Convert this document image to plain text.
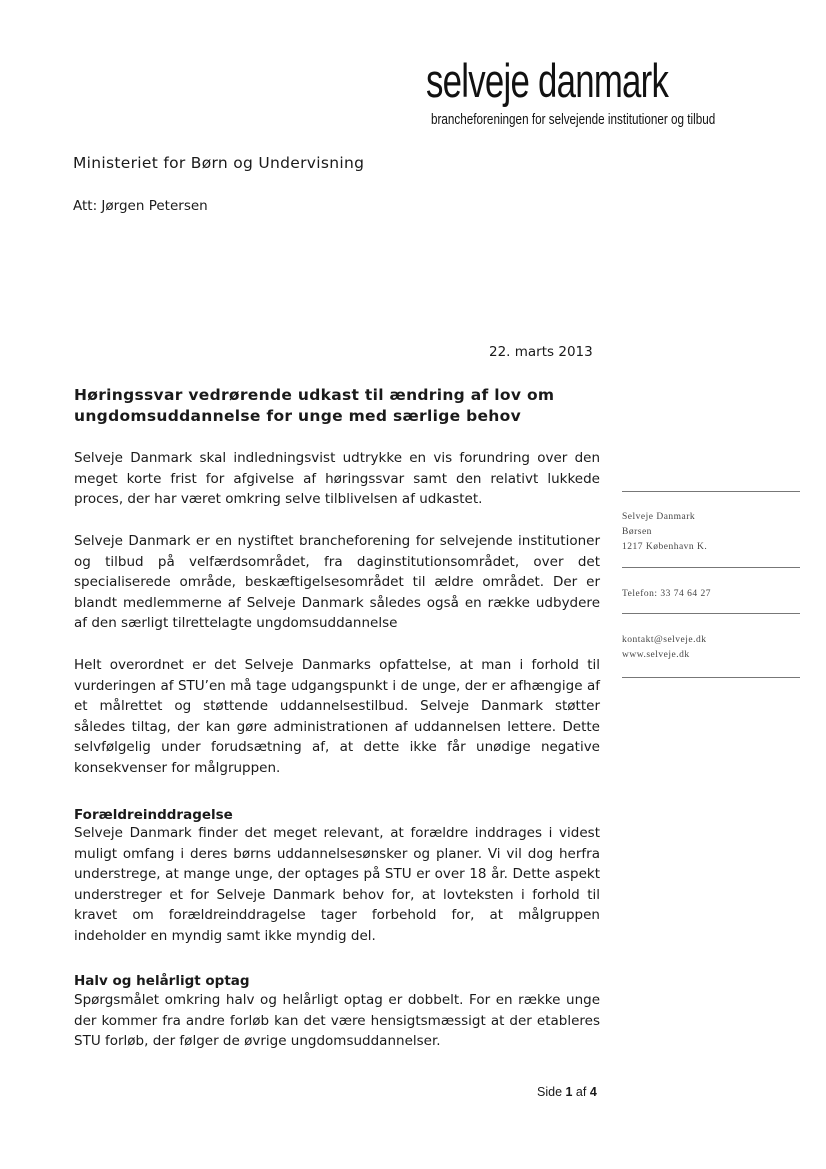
selveje danmark
brancheforeningen for selvejende institutioner og tilbud
Ministeriet for Børn og Undervisning
Att: Jørgen Petersen
22. marts 2013
Høringssvar vedrørende udkast til ændring af lov om ungdomsuddannelse for unge med særlige behov
Selveje Danmark skal indledningsvist udtrykke en vis forundring over den meget korte frist for afgivelse af høringssvar samt den relativt lukkede proces, der har været omkring selve tilblivelsen af udkastet.
Selveje Danmark er en nystiftet brancheforening for selvejende institutioner og tilbud på velfærdsområdet, fra daginstitutionsområdet, over det specialiserede område, beskæftigelsesområdet til ældre området. Der er blandt medlemmerne af Selveje Danmark således også en række udbydere af den særligt tilrettelagte ungdomsuddannelse
Helt overordnet er det Selveje Danmarks opfattelse, at man i forhold til vurderingen af STU’en må tage udgangspunkt i de unge, der er afhængige af et målrettet og støttende uddannelsestilbud. Selveje Danmark støtter således tiltag, der kan gøre administrationen af uddannelsen lettere. Dette selvfølgelig under forudsætning af, at dette ikke får unødige negative konsekvenser for målgruppen.
Forældreinddragelse
Selveje Danmark finder det meget relevant, at forældre inddrages i videst muligt omfang i deres børns uddannelsesønsker og planer. Vi vil dog herfra understrege, at mange unge, der optages på STU er over 18 år. Dette aspekt understreger et for Selveje Danmark behov for, at lovteksten i forhold til kravet om forældreinddragelse tager forbehold for, at målgruppen indeholder en myndig samt ikke myndig del.
Halv og helårligt optag
Spørgsmålet omkring halv og helårligt optag er dobbelt. For en række unge der kommer fra andre forløb kan det være hensigtsmæssigt at der etableres STU forløb, der følger de øvrige ungdomsuddannelser.
Selveje Danmark
Børsen
1217 København K.
Telefon: 33 74 64 27
kontakt@selveje.dk
www.selveje.dk
Side 1 af 4
